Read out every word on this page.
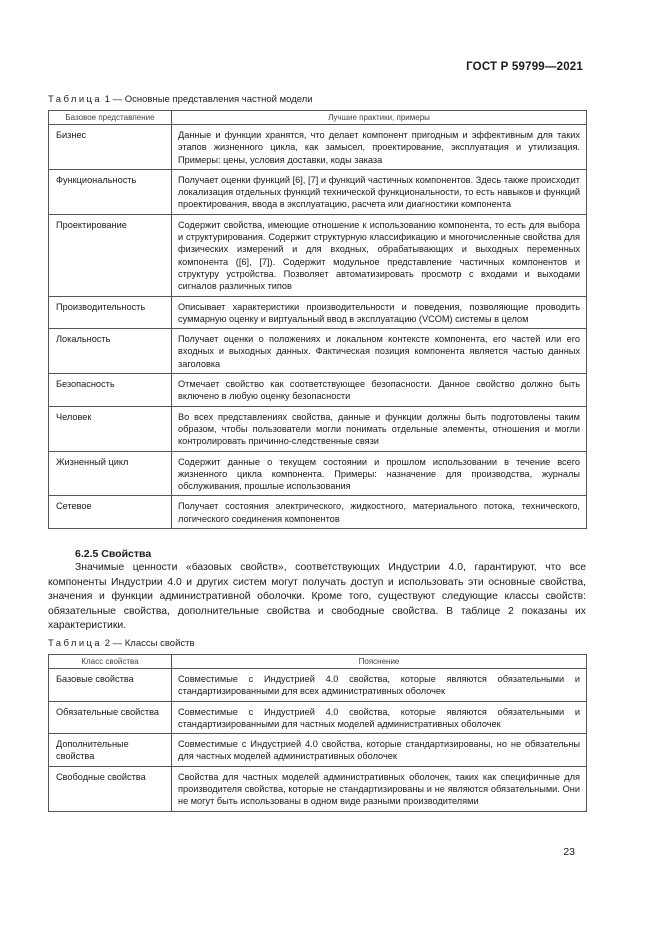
ГОСТ Р 59799—2021
Таблица 1 — Основные представления частной модели
Базовое представление	Лучшие практики, примеры
Бизнес	Данные и функции хранятся, что делает компонент пригодным и эффективным для таких этапов жизненного цикла, как замысел, проектирование, эксплуатация и утилизация. Примеры: цены, условия доставки, коды заказа
Функциональность	Получает оценки функций [6], [7] и функций частичных компонентов. Здесь также происходит локализация отдельных функций технической функциональности, то есть навыков и функций проектирования, ввода в эксплуатацию, расчета или диагностики компонента
Проектирование	Содержит свойства, имеющие отношение к использованию компонента, то есть для выбора и структурирования. Содержит структурную классификацию и многочисленные свойства для физических измерений и для входных, обрабатывающих и выходных переменных компонента ([6], [7]). Содержит модульное представление частичных компонентов и структуру устройства. Позволяет автоматизировать просмотр с входами и выходами сигналов различных типов
Производительность	Описывает характеристики производительности и поведения, позволяющие проводить суммарную оценку и виртуальный ввод в эксплуатацию (VCOM) системы в целом
Локальность	Получает оценки о положениях и локальном контексте компонента, его частей или его входных и выходных данных. Фактическая позиция компонента является частью данных заголовка
Безопасность	Отмечает свойство как соответствующее безопасности. Данное свойство должно быть включено в любую оценку безопасности
Человек	Во всех представлениях свойства, данные и функции должны быть подготовлены таким образом, чтобы пользователи могли понимать отдельные элементы, отношения и могли контролировать причинно-следственные связи
Жизненный цикл	Содержит данные о текущем состоянии и прошлом использовании в течение всего жизненного цикла компонента. Примеры: назначение для производства, журналы обслуживания, прошлые использования
Сетевое	Получает состояния электрического, жидкостного, материального потока, технического, логического соединения компонентов
6.2.5 Свойства
Значимые ценности «базовых свойств», соответствующих Индустрии 4.0, гарантируют, что все компоненты Индустрии 4.0 и других систем могут получать доступ и использовать эти основные свойства, значения и функции административной оболочки. Кроме того, существуют следующие классы свойств: обязательные свойства, дополнительные свойства и свободные свойства. В таблице 2 показаны их характеристики.
Таблица 2 — Классы свойств
Класс свойства	Пояснение
Базовые свойства	Совместимые с Индустрией 4.0 свойства, которые являются обязательными и стандартизированными для всех административных оболочек
Обязательные свойства	Совместимые с Индустрией 4.0 свойства, которые являются обязательными и стандартизированными для частных моделей административных оболочек
Дополнительные свойства	Совместимые с Индустрией 4.0 свойства, которые стандартизированы, но не обязательны для частных моделей административных оболочек
Свободные свойства	Свойства для частных моделей административных оболочек, таких как специфичные для производителя свойства, которые не стандартизированы и не являются обязательными. Они не могут быть использованы в одном виде разными производителями
23
